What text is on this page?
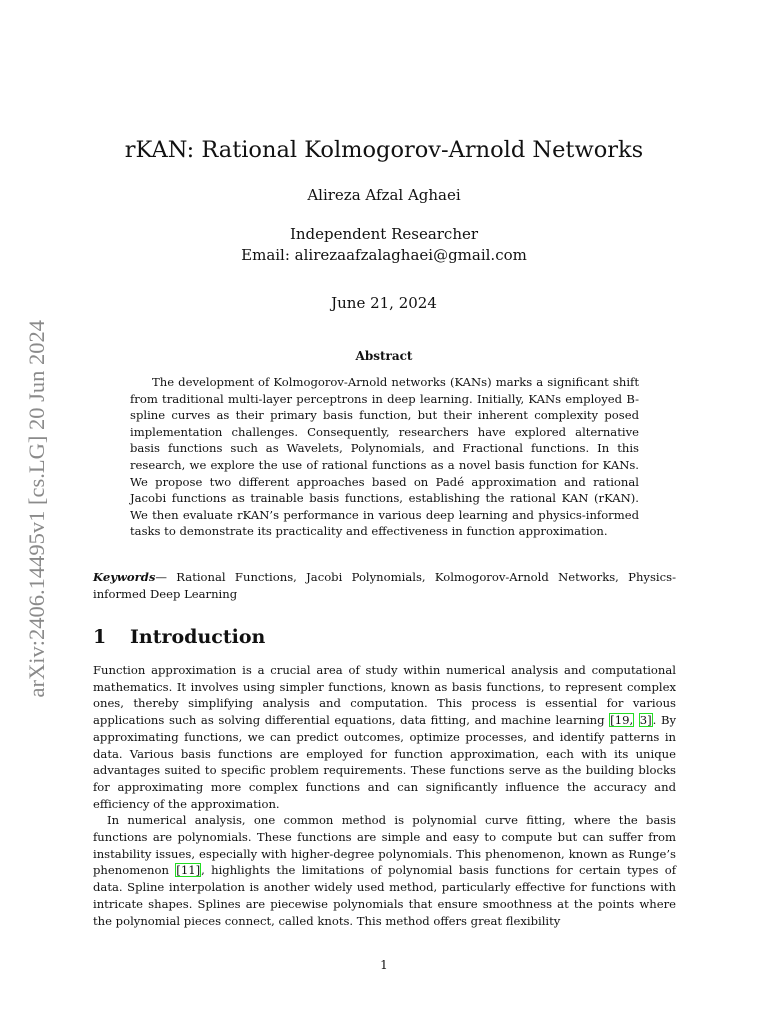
arXiv:2406.14495v1 [cs.LG] 20 Jun 2024
rKAN: Rational Kolmogorov-Arnold Networks
Alireza Afzal Aghaei
Independent Researcher
Email: alirezaafzalaghaei@gmail.com
June 21, 2024
Abstract
The development of Kolmogorov-Arnold networks (KANs) marks a significant shift from traditional multi-layer perceptrons in deep learning. Initially, KANs employed B-spline curves as their primary basis function, but their inherent complexity posed implementation challenges. Consequently, researchers have explored alternative basis functions such as Wavelets, Polynomials, and Fractional functions. In this research, we explore the use of rational functions as a novel basis function for KANs. We propose two different approaches based on Padé approximation and rational Jacobi functions as trainable basis functions, establishing the rational KAN (rKAN). We then evaluate rKAN’s performance in various deep learning and physics-informed tasks to demonstrate its practicality and effectiveness in function approximation.
Keywords— Rational Functions, Jacobi Polynomials, Kolmogorov-Arnold Networks, Physics-informed Deep Learning
1 Introduction

Function approximation is a crucial area of study within numerical analysis and computational mathematics. It involves using simpler functions, known as basis functions, to represent complex ones, thereby simplifying analysis and computation. This process is essential for various applications such as solving differential equations, data fitting, and machine learning [19, 3]. By approximating functions, we can predict outcomes, optimize processes, and identify patterns in data. Various basis functions are employed for function approximation, each with its unique advantages suited to specific problem requirements. These functions serve as the building blocks for approximating more complex functions and can significantly influence the accuracy and efficiency of the approximation.

In numerical analysis, one common method is polynomial curve fitting, where the basis functions are polynomials. These functions are simple and easy to compute but can suffer from instability issues, especially with higher-degree polynomials. This phenomenon, known as Runge’s phenomenon [11], highlights the limitations of polynomial basis functions for certain types of data. Spline interpolation is another widely used method, particularly effective for functions with intricate shapes. Splines are piecewise polynomials that ensure smoothness at the points where the polynomial pieces connect, called knots. This method offers great flexibility

1
